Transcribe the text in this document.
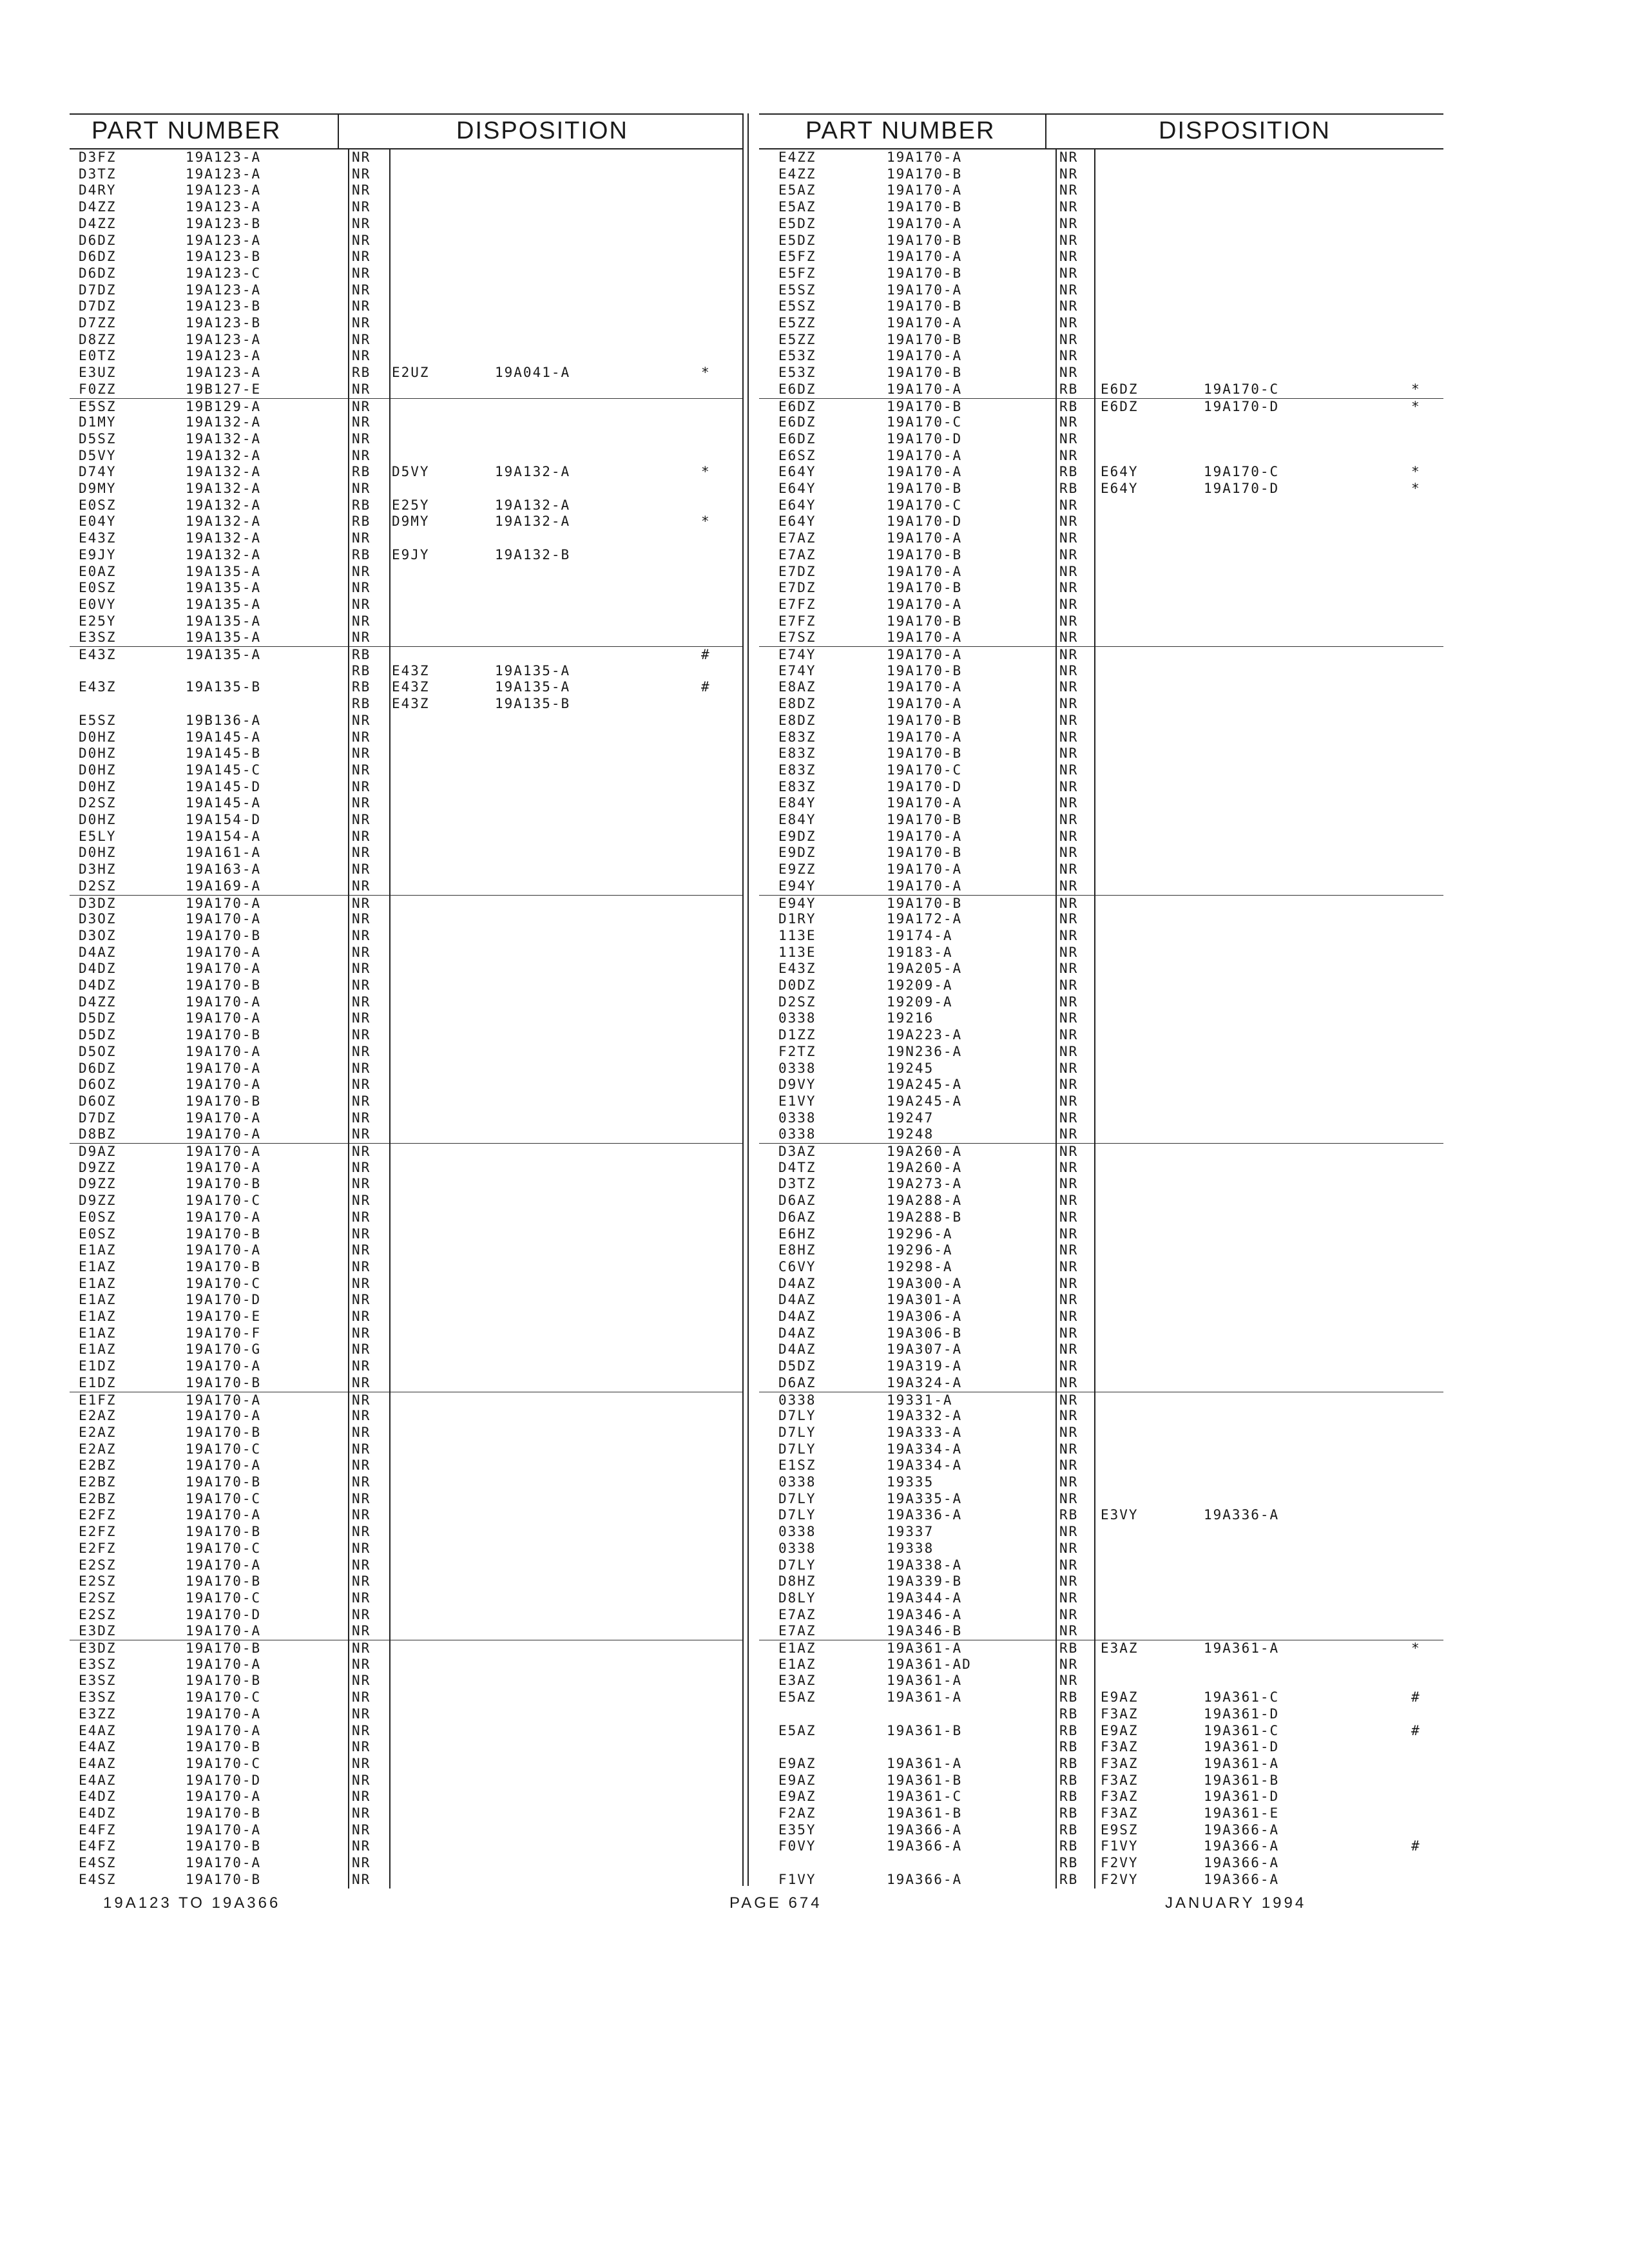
PART NUMBER	DISPOSITION
D3FZ	19A123-A	NR
D3TZ	19A123-A	NR
D4RY	19A123-A	NR
D4ZZ	19A123-A	NR
D4ZZ	19A123-B	NR
D6DZ	19A123-A	NR
D6DZ	19A123-B	NR
D6DZ	19A123-C	NR
D7DZ	19A123-A	NR
D7DZ	19A123-B	NR
D7ZZ	19A123-B	NR
D8ZZ	19A123-A	NR
E0TZ	19A123-A	NR
E3UZ	19A123-A	RB E2UZ	19A041-A	*
F0ZZ	19B127-E	NR
E5SZ	19B129-A	NR
D1MY	19A132-A	NR
D5SZ	19A132-A	NR
D5VY	19A132-A	NR
D74Y	19A132-A	RB D5VY	19A132-A	*
D9MY	19A132-A	NR
E0SZ	19A132-A	RB E25Y	19A132-A
E04Y	19A132-A	RB D9MY	19A132-A	*
E43Z	19A132-A	NR
E9JY	19A132-A	RB E9JY	19A132-B
E0AZ	19A135-A	NR
E0SZ	19A135-A	NR
E0VY	19A135-A	NR
E25Y	19A135-A	NR
E3SZ	19A135-A	NR
E43Z	19A135-A	RB	#
RB E43Z	19A135-A
E43Z	19A135-B	RB E43Z	19A135-A	#
RB E43Z	19A135-B
E5SZ	19B136-A	NR
D0HZ	19A145-A	NR
D0HZ	19A145-B	NR
D0HZ	19A145-C	NR
D0HZ	19A145-D	NR
D2SZ	19A145-A	NR
D0HZ	19A154-D	NR
E5LY	19A154-A	NR
D0HZ	19A161-A	NR
D3HZ	19A163-A	NR
D2SZ	19A169-A	NR
D3DZ	19A170-A	NR
D3OZ	19A170-A	NR
D3OZ	19A170-B	NR
D4AZ	19A170-A	NR
D4DZ	19A170-A	NR
D4DZ	19A170-B	NR
D4ZZ	19A170-A	NR
D5DZ	19A170-A	NR
D5DZ	19A170-B	NR
D5OZ	19A170-A	NR
D6DZ	19A170-A	NR
D6OZ	19A170-A	NR
D6OZ	19A170-B	NR
D7DZ	19A170-A	NR
D8BZ	19A170-A	NR
D9AZ	19A170-A	NR
D9ZZ	19A170-A	NR
D9ZZ	19A170-B	NR
D9ZZ	19A170-C	NR
E0SZ	19A170-A	NR
E0SZ	19A170-B	NR
E1AZ	19A170-A	NR
E1AZ	19A170-B	NR
E1AZ	19A170-C	NR
E1AZ	19A170-D	NR
E1AZ	19A170-E	NR
E1AZ	19A170-F	NR
E1AZ	19A170-G	NR
E1DZ	19A170-A	NR
E1DZ	19A170-B	NR
E1FZ	19A170-A	NR
E2AZ	19A170-A	NR
E2AZ	19A170-B	NR
E2AZ	19A170-C	NR
E2BZ	19A170-A	NR
E2BZ	19A170-B	NR
E2BZ	19A170-C	NR
E2FZ	19A170-A	NR
E2FZ	19A170-B	NR
E2FZ	19A170-C	NR
E2SZ	19A170-A	NR
E2SZ	19A170-B	NR
E2SZ	19A170-C	NR
E2SZ	19A170-D	NR
E3DZ	19A170-A	NR
E3DZ	19A170-B	NR
E3SZ	19A170-A	NR
E3SZ	19A170-B	NR
E3SZ	19A170-C	NR
E3ZZ	19A170-A	NR
E4AZ	19A170-A	NR
E4AZ	19A170-B	NR
E4AZ	19A170-C	NR
E4AZ	19A170-D	NR
E4DZ	19A170-A	NR
E4DZ	19A170-B	NR
E4FZ	19A170-A	NR
E4FZ	19A170-B	NR
E4SZ	19A170-A	NR
E4SZ	19A170-B	NR
PART NUMBER	DISPOSITION
E4ZZ	19A170-A	NR
E4ZZ	19A170-B	NR
E5AZ	19A170-A	NR
E5AZ	19A170-B	NR
E5DZ	19A170-A	NR
E5DZ	19A170-B	NR
E5FZ	19A170-A	NR
E5FZ	19A170-B	NR
E5SZ	19A170-A	NR
E5SZ	19A170-B	NR
E5ZZ	19A170-A	NR
E5ZZ	19A170-B	NR
E53Z	19A170-A	NR
E53Z	19A170-B	NR
E6DZ	19A170-A	RB E6DZ	19A170-C	*
E6DZ	19A170-B	RB E6DZ	19A170-D	*
E6DZ	19A170-C	NR
E6DZ	19A170-D	NR
E6SZ	19A170-A	NR
E64Y	19A170-A	RB E64Y	19A170-C	*
E64Y	19A170-B	RB E64Y	19A170-D	*
E64Y	19A170-C	NR
E64Y	19A170-D	NR
E7AZ	19A170-A	NR
E7AZ	19A170-B	NR
E7DZ	19A170-A	NR
E7DZ	19A170-B	NR
E7FZ	19A170-A	NR
E7FZ	19A170-B	NR
E7SZ	19A170-A	NR
E74Y	19A170-A	NR
E74Y	19A170-B	NR
E8AZ	19A170-A	NR
E8DZ	19A170-A	NR
E8DZ	19A170-B	NR
E83Z	19A170-A	NR
E83Z	19A170-B	NR
E83Z	19A170-C	NR
E83Z	19A170-D	NR
E84Y	19A170-A	NR
E84Y	19A170-B	NR
E9DZ	19A170-A	NR
E9DZ	19A170-B	NR
E9ZZ	19A170-A	NR
E94Y	19A170-A	NR
E94Y	19A170-B	NR
D1RY	19A172-A	NR
113E	19174-A	NR
113E	19183-A	NR
E43Z	19A205-A	NR
D0DZ	19209-A	NR
D2SZ	19209-A	NR
0338	19216	NR
D1ZZ	19A223-A	NR
F2TZ	19N236-A	NR
0338	19245	NR
D9VY	19A245-A	NR
E1VY	19A245-A	NR
0338	19247	NR
0338	19248	NR
D3AZ	19A260-A	NR
D4TZ	19A260-A	NR
D3TZ	19A273-A	NR
D6AZ	19A288-A	NR
D6AZ	19A288-B	NR
E6HZ	19296-A	NR
E8HZ	19296-A	NR
C6VY	19298-A	NR
D4AZ	19A300-A	NR
D4AZ	19A301-A	NR
D4AZ	19A306-A	NR
D4AZ	19A306-B	NR
D4AZ	19A307-A	NR
D5DZ	19A319-A	NR
D6AZ	19A324-A	NR
0338	19331-A	NR
D7LY	19A332-A	NR
D7LY	19A333-A	NR
D7LY	19A334-A	NR
E1SZ	19A334-A	NR
0338	19335	NR
D7LY	19A335-A	NR
D7LY	19A336-A	RB E3VY	19A336-A
0338	19337	NR
0338	19338	NR
D7LY	19A338-A	NR
D8HZ	19A339-B	NR
D8LY	19A344-A	NR
E7AZ	19A346-A	NR
E7AZ	19A346-B	NR
E1AZ	19A361-A	RB E3AZ	19A361-A	*
E1AZ	19A361-AD	NR
E3AZ	19A361-A	NR
E5AZ	19A361-A	RB E9AZ	19A361-C	#
RB F3AZ	19A361-D
E5AZ	19A361-B	RB E9AZ	19A361-C	#
RB F3AZ	19A361-D
E9AZ	19A361-A	RB F3AZ	19A361-A
E9AZ	19A361-B	RB F3AZ	19A361-B
E9AZ	19A361-C	RB F3AZ	19A361-D
F2AZ	19A361-B	RB F3AZ	19A361-E
E35Y	19A366-A	RB E9SZ	19A366-A
F0VY	19A366-A	RB F1VY	19A366-A	#
RB F2VY	19A366-A
F1VY	19A366-A	RB F2VY	19A366-A
19A123 TO 19A366	PAGE 674	JANUARY 1994
